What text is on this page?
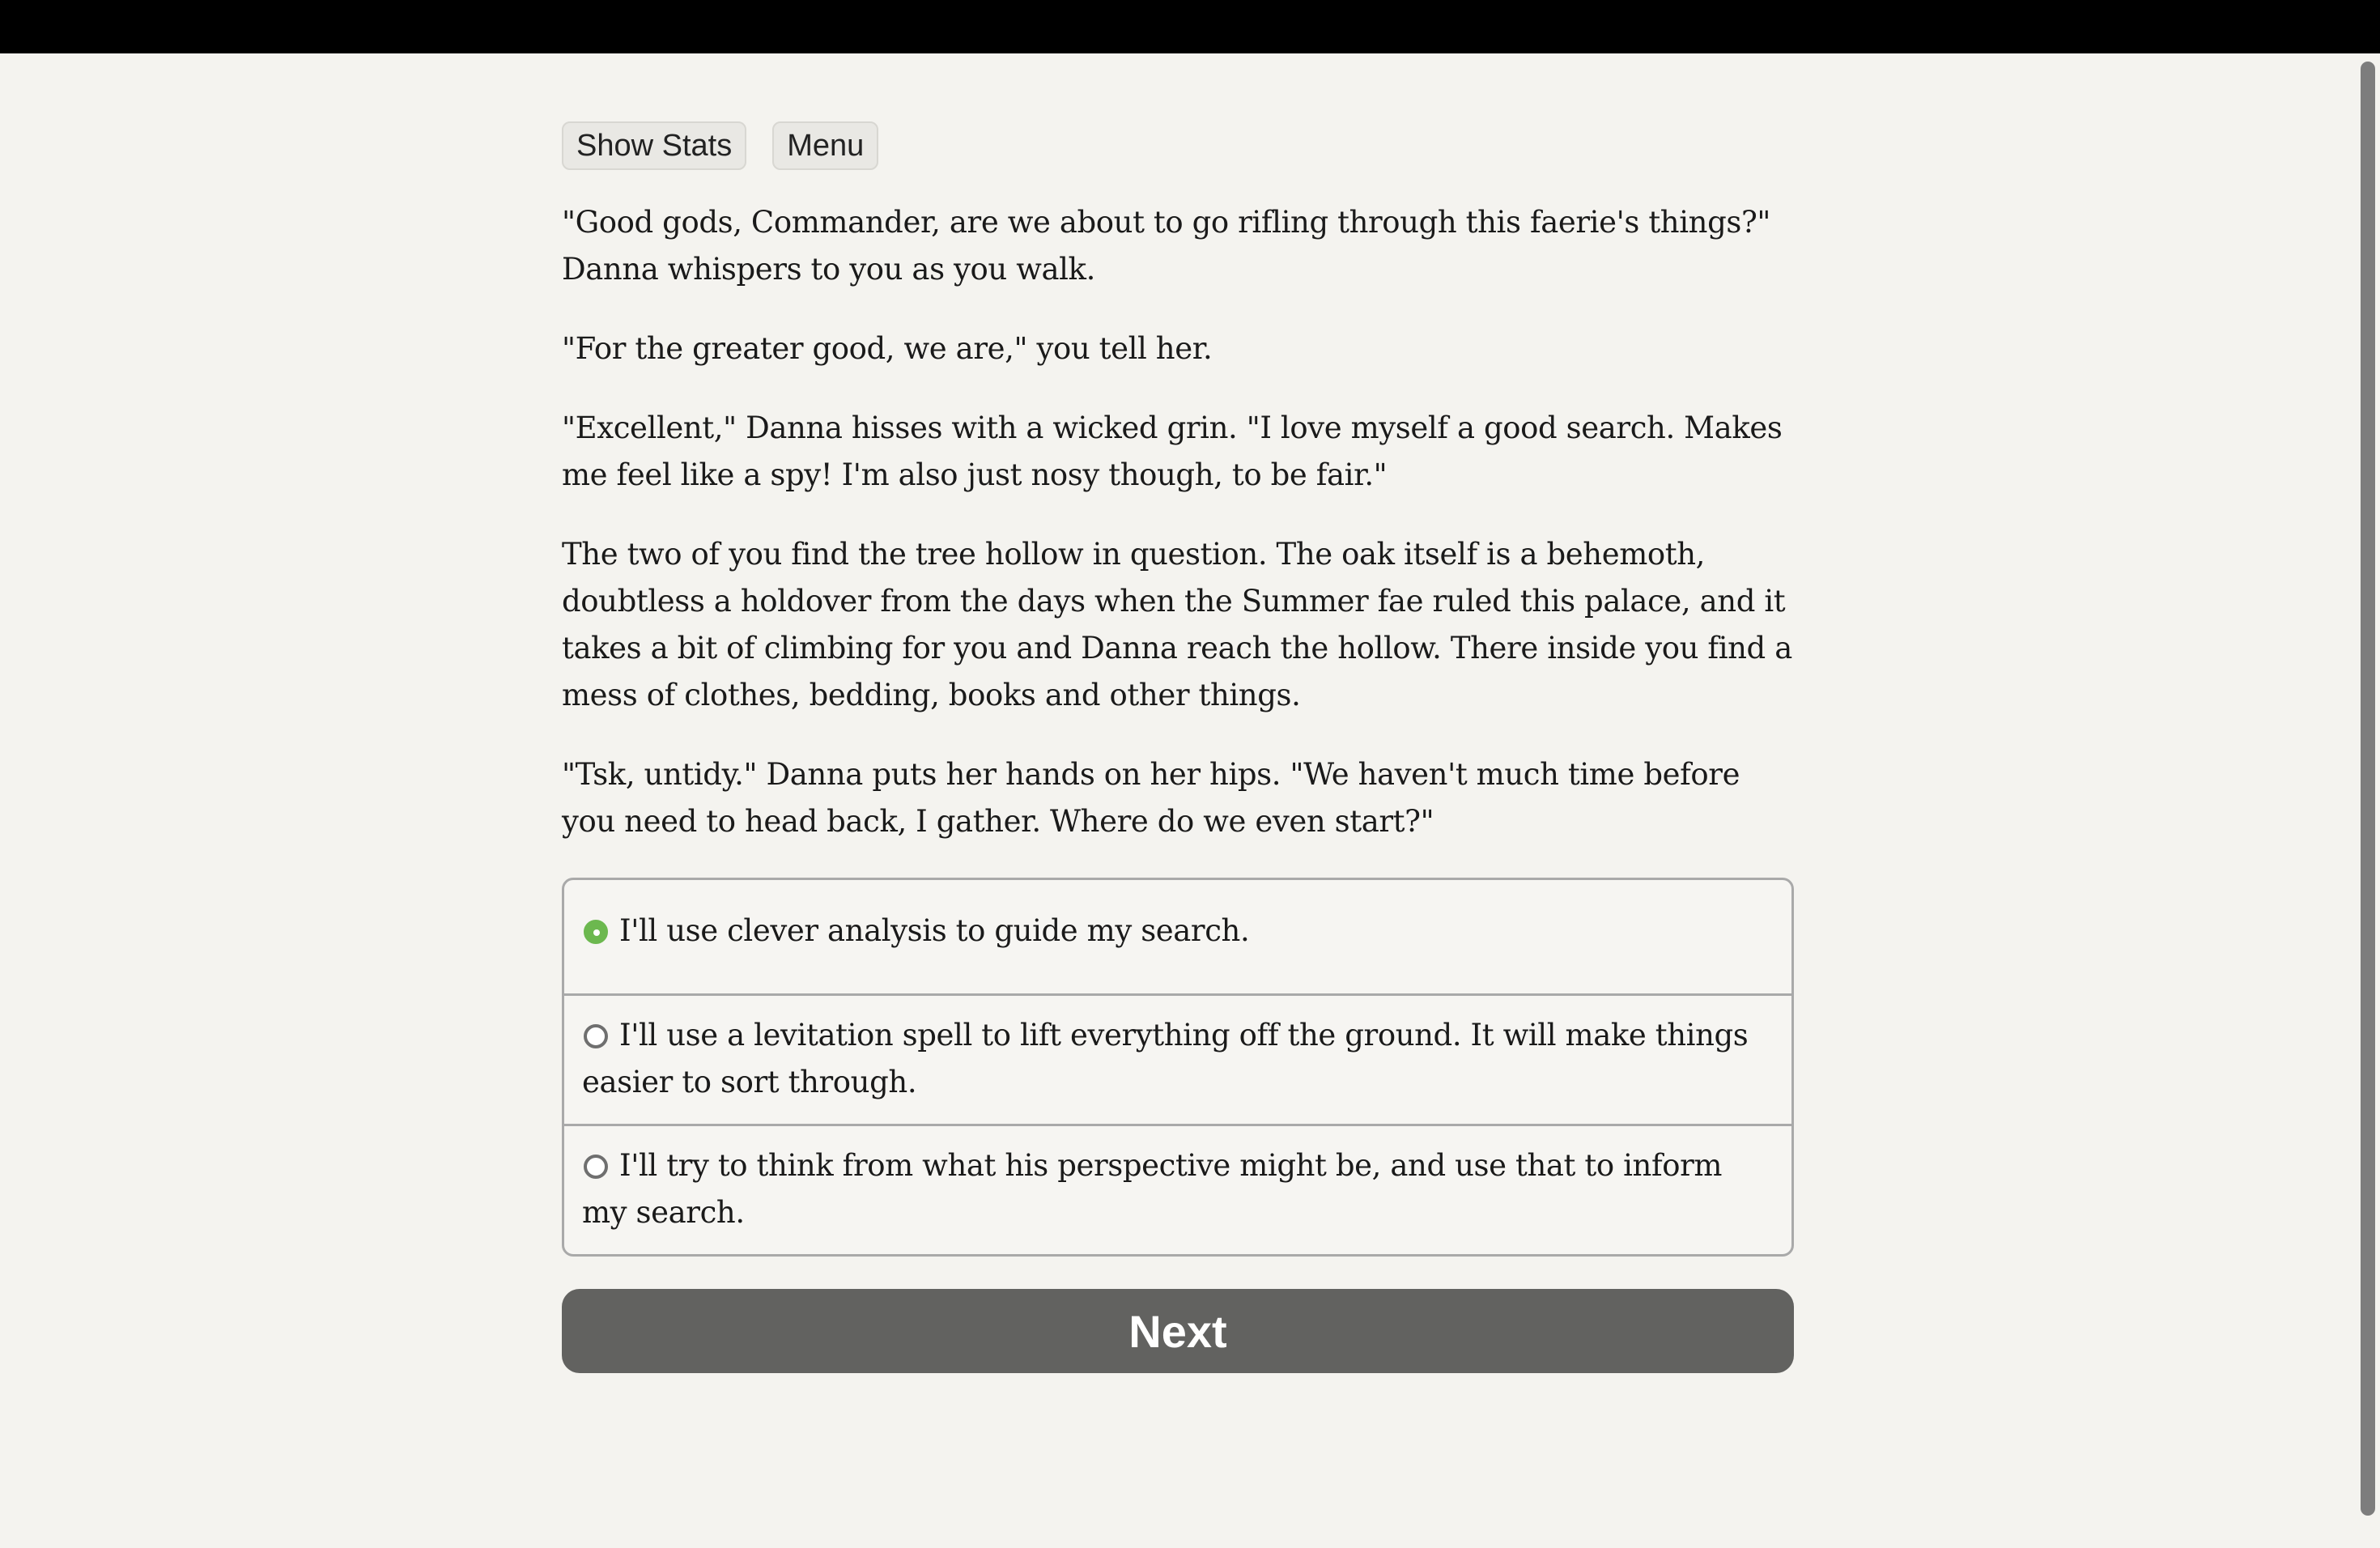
Show Stats	Menu

"Good gods, Commander, are we about to go rifling through this faerie's things?" Danna whispers to you as you walk.

"For the greater good, we are," you tell her.

"Excellent," Danna hisses with a wicked grin. "I love myself a good search. Makes me feel like a spy! I'm also just nosy though, to be fair."

The two of you find the tree hollow in question. The oak itself is a behemoth, doubtless a holdover from the days when the Summer fae ruled this palace, and it takes a bit of climbing for you and Danna reach the hollow. There inside you find a mess of clothes, bedding, books and other things.

"Tsk, untidy." Danna puts her hands on her hips. "We haven't much time before you need to head back, I gather. Where do we even start?"

I'll use clever analysis to guide my search.
I'll use a levitation spell to lift everything off the ground. It will make things easier to sort through.
I'll try to think from what his perspective might be, and use that to inform my search.
Next
